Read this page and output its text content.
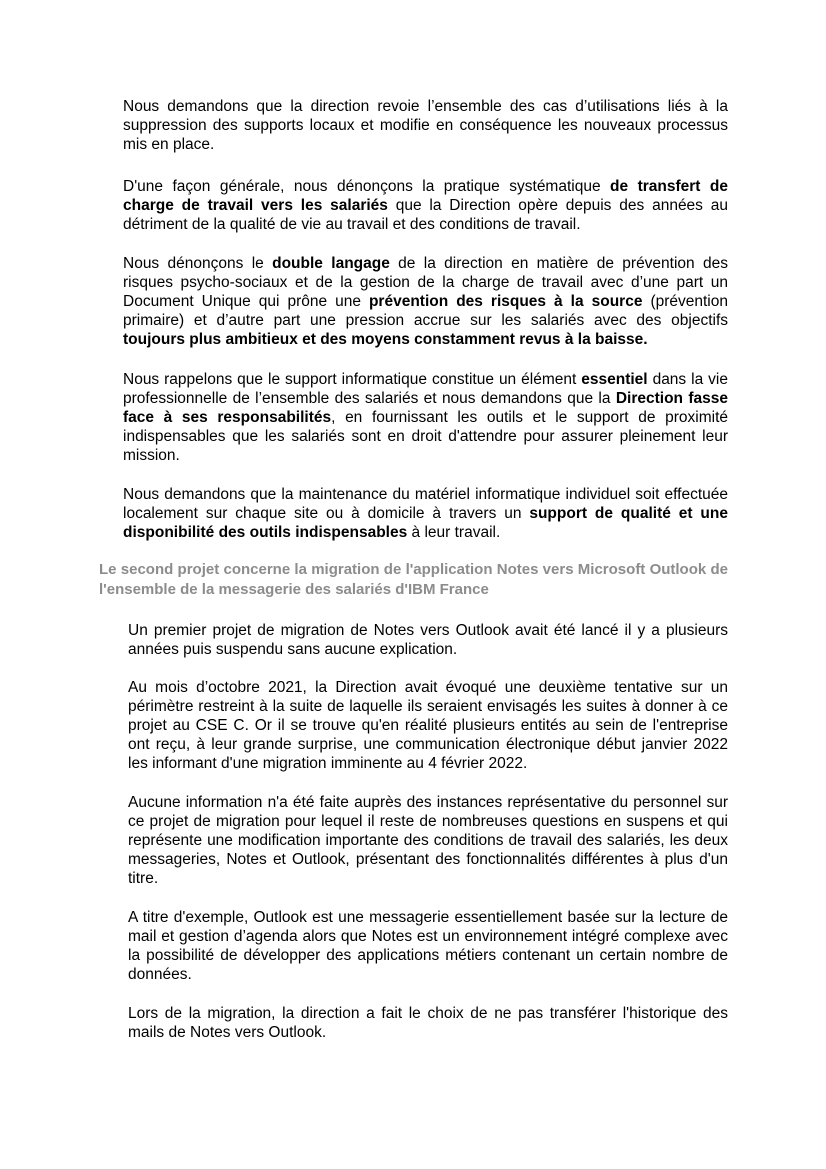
Nous demandons que la direction revoie l’ensemble des cas d’utilisations liés à la suppression des supports locaux et modifie en conséquence les nouveaux processus mis en place.

D'une façon générale, nous dénonçons la pratique systématique de transfert de charge de travail vers les salariés que la Direction opère depuis des années au détriment de la qualité de vie au travail et des conditions de travail.

Nous dénonçons le double langage de la direction en matière de prévention des risques psycho-sociaux et de la gestion de la charge de travail avec d’une part un Document Unique qui prône une prévention des risques à la source (prévention primaire) et d’autre part une pression accrue sur les salariés avec des objectifs toujours plus ambitieux et des moyens constamment revus à la baisse.

Nous rappelons que le support informatique constitue un élément essentiel dans la vie professionnelle de l’ensemble des salariés et nous demandons que la Direction fasse face à ses responsabilités, en fournissant les outils et le support de proximité indispensables que les salariés sont en droit d'attendre pour assurer pleinement leur mission.

Nous demandons que la maintenance du matériel informatique individuel soit effectuée localement sur chaque site ou à domicile à travers un support de qualité et une disponibilité des outils indispensables à leur travail.

Le second projet concerne la migration de l'application Notes vers Microsoft Outlook de l'ensemble de la messagerie des salariés d'IBM France

Un premier projet de migration de Notes vers Outlook avait été lancé il y a plusieurs années puis suspendu sans aucune explication.

Au mois d’octobre 2021, la Direction avait évoqué une deuxième tentative sur un périmètre restreint à la suite de laquelle ils seraient envisagés les suites à donner à ce projet au CSE C. Or il se trouve qu'en réalité plusieurs entités au sein de l'entreprise ont reçu, à leur grande surprise, une communication électronique début janvier 2022 les informant d'une migration imminente au 4 février 2022.

Aucune information n'a été faite auprès des instances représentative du personnel sur ce projet de migration pour lequel il reste de nombreuses questions en suspens et qui représente une modification importante des conditions de travail des salariés, les deux messageries, Notes et Outlook, présentant des fonctionnalités différentes à plus d'un titre.

A titre d'exemple, Outlook est une messagerie essentiellement basée sur la lecture de mail et gestion d’agenda alors que Notes est un environnement intégré complexe avec la possibilité de développer des applications métiers contenant un certain nombre de données.

Lors de la migration, la direction a fait le choix de ne pas transférer l'historique des mails de Notes vers Outlook.
